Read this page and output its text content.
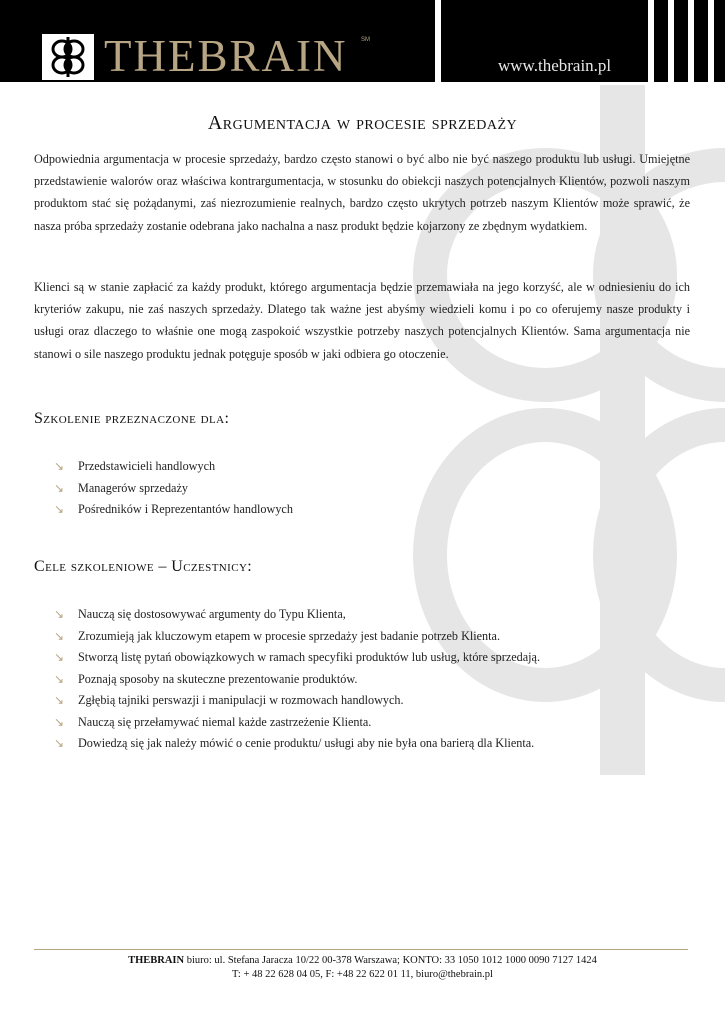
THEBRAIN SM
www.thebrain.pl
Argumentacja w procesie sprzedaży

Odpowiednia argumentacja w procesie sprzedaży, bardzo często stanowi o być albo nie być naszego produktu lub usługi. Umiejętne przedstawienie walorów oraz właściwa kontrargumentacja, w stosunku do obiekcji naszych potencjalnych Klientów, pozwoli naszym produktom stać się pożądanymi, zaś niezrozumienie realnych, bardzo często ukrytych potrzeb naszym Klientów może sprawić, że nasza próba sprzedaży zostanie odebrana jako nachalna a nasz produkt będzie kojarzony ze zbędnym wydatkiem.

Klienci są w stanie zapłacić za każdy produkt, którego argumentacja będzie przemawiała na jego korzyść, ale w odniesieniu do ich kryteriów zakupu, nie zaś naszych sprzedaży. Dlatego tak ważne jest abyśmy wiedzieli komu i po co oferujemy nasze produkty i usługi oraz dlaczego to właśnie one mogą zaspokoić wszystkie potrzeby naszych potencjalnych Klientów. Sama argumentacja nie stanowi o sile naszego produktu jednak potęguje sposób w jaki odbiera go otoczenie.

Szkolenie przeznaczone dla:
↘ Przedstawicieli handlowych
↘ Managerów sprzedaży
↘ Pośredników i Reprezentantów handlowych
Cele szkoleniowe – Uczestnicy:
↘ Nauczą się dostosowywać argumenty do Typu Klienta,
↘ Zrozumieją jak kluczowym etapem w procesie sprzedaży jest badanie potrzeb Klienta.
↘ Stworzą listę pytań obowiązkowych w ramach specyfiki produktów lub usług, które sprzedają.
↘ Poznają sposoby na skuteczne prezentowanie produktów.
↘ Zgłębią tajniki perswazji i manipulacji w rozmowach handlowych.
↘ Nauczą się przełamywać niemal każde zastrzeżenie Klienta.
↘ Dowiedzą się jak należy mówić o cenie produktu/ usługi aby nie była ona barierą dla Klienta.
THEBRAIN biuro: ul. Stefana Jaracza 10/22 00-378 Warszawa; KONTO: 33 1050 1012 1000 0090 7127 1424
T: + 48 22 628 04 05, F: +48 22 622 01 11, biuro@thebrain.pl
